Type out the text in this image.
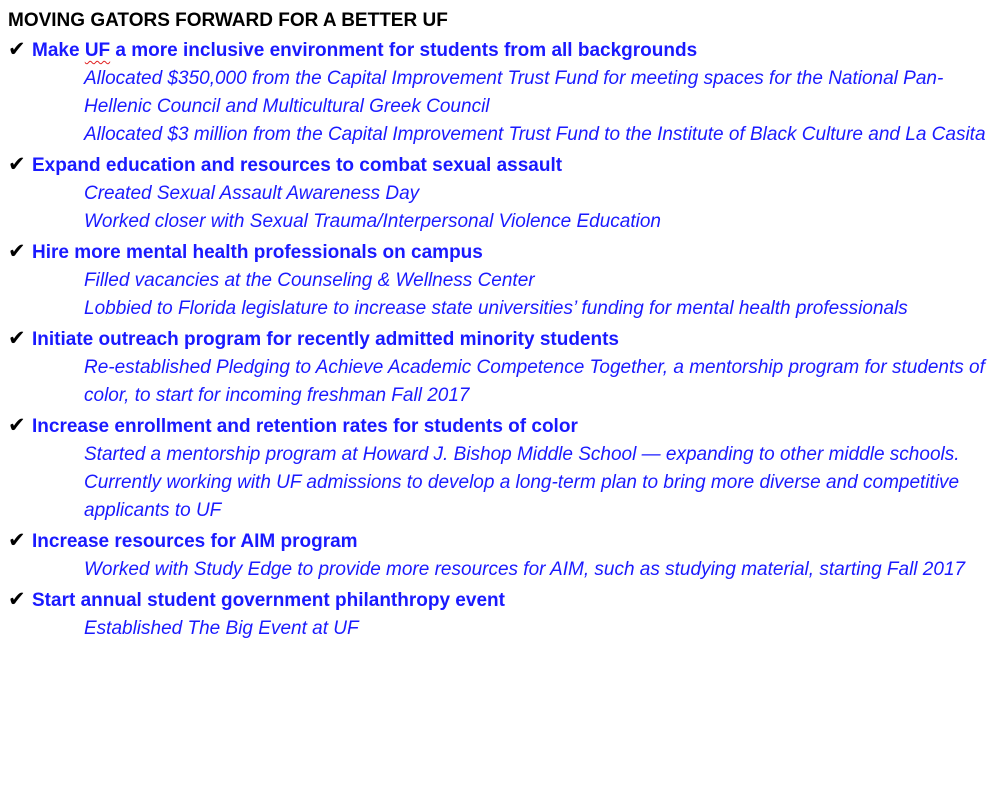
MOVING GATORS FORWARD FOR A BETTER UF
✔ Make UF a more inclusive environment for students from all backgrounds
Allocated $350,000 from the Capital Improvement Trust Fund for meeting spaces for the National Pan-Hellenic Council and Multicultural Greek Council
Allocated $3 million from the Capital Improvement Trust Fund to the Institute of Black Culture and La Casita
✔ Expand education and resources to combat sexual assault
Created Sexual Assault Awareness Day
Worked closer with Sexual Trauma/Interpersonal Violence Education
✔ Hire more mental health professionals on campus
Filled vacancies at the Counseling & Wellness Center
Lobbied to Florida legislature to increase state universities’ funding for mental health professionals
✔ Initiate outreach program for recently admitted minority students
Re-established Pledging to Achieve Academic Competence Together, a mentorship program for students of color, to start for incoming freshman Fall 2017
✔ Increase enrollment and retention rates for students of color
Started a mentorship program at Howard J. Bishop Middle School — expanding to other middle schools.
Currently working with UF admissions to develop a long-term plan to bring more diverse and competitive applicants to UF
✔ Increase resources for AIM program
Worked with Study Edge to provide more resources for AIM, such as studying material, starting Fall 2017
✔ Start annual student government philanthropy event
Established The Big Event at UF
